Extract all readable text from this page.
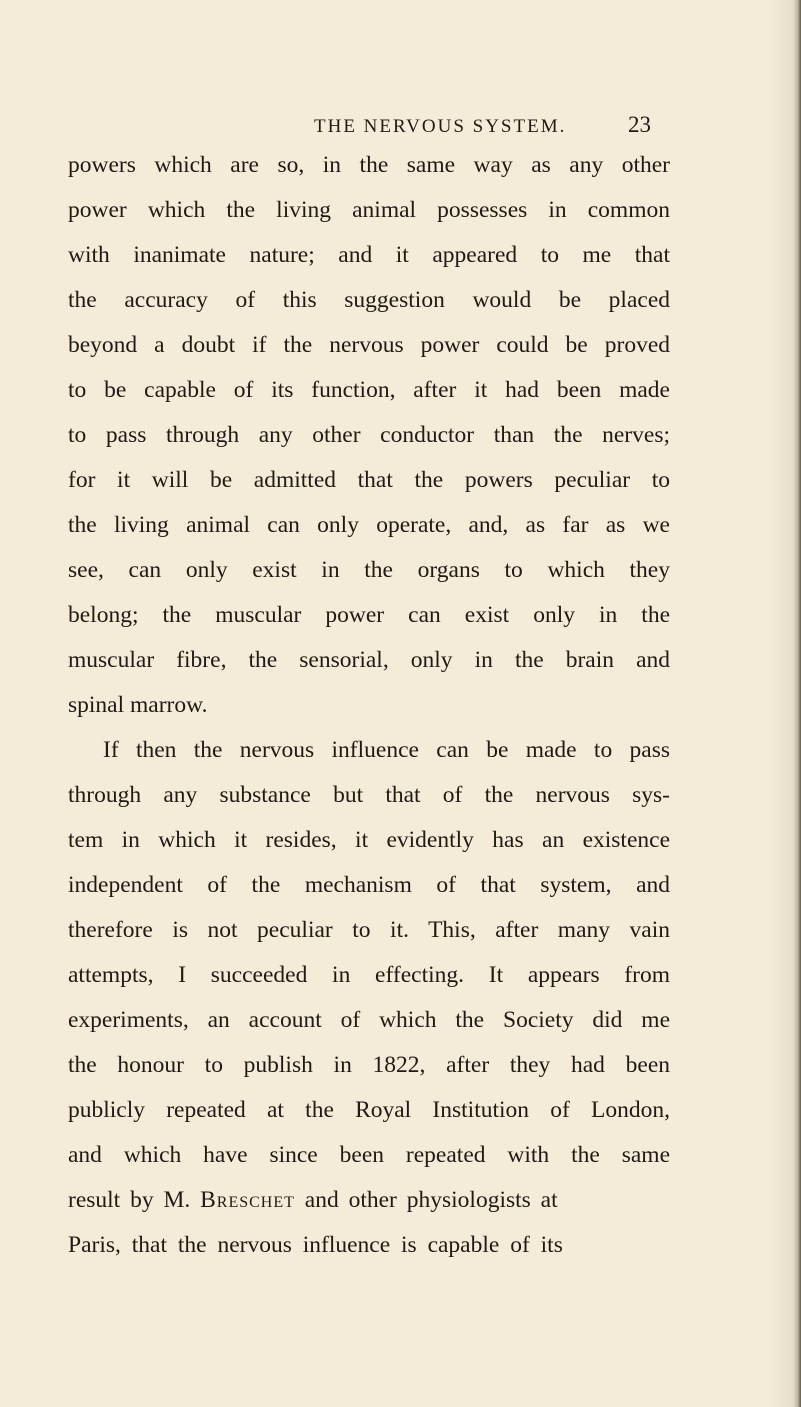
THE NERVOUS SYSTEM.	23
powers which are so, in the same way as any other
power which the living animal possesses in common
with inanimate nature; and it appeared to me that
the accuracy of this suggestion would be placed
beyond a doubt if the nervous power could be proved
to be capable of its function, after it had been made
to pass through any other conductor than the nerves;
for it will be admitted that the powers peculiar to
the living animal can only operate, and, as far as we
see, can only exist in the organs to which they
belong; the muscular power can exist only in the
muscular fibre, the sensorial, only in the brain and
spinal marrow.
If then the nervous influence can be made to pass
through any substance but that of the nervous sys-
tem in which it resides, it evidently has an existence
independent of the mechanism of that system, and
therefore is not peculiar to it. This, after many vain
attempts, I succeeded in effecting. It appears from
experiments, an account of which the Society did me
the honour to publish in 1822, after they had been
publicly repeated at the Royal Institution of London,
and which have since been repeated with the same
result by M. Breschet and other physiologists at
Paris, that the nervous influence is capable of its
